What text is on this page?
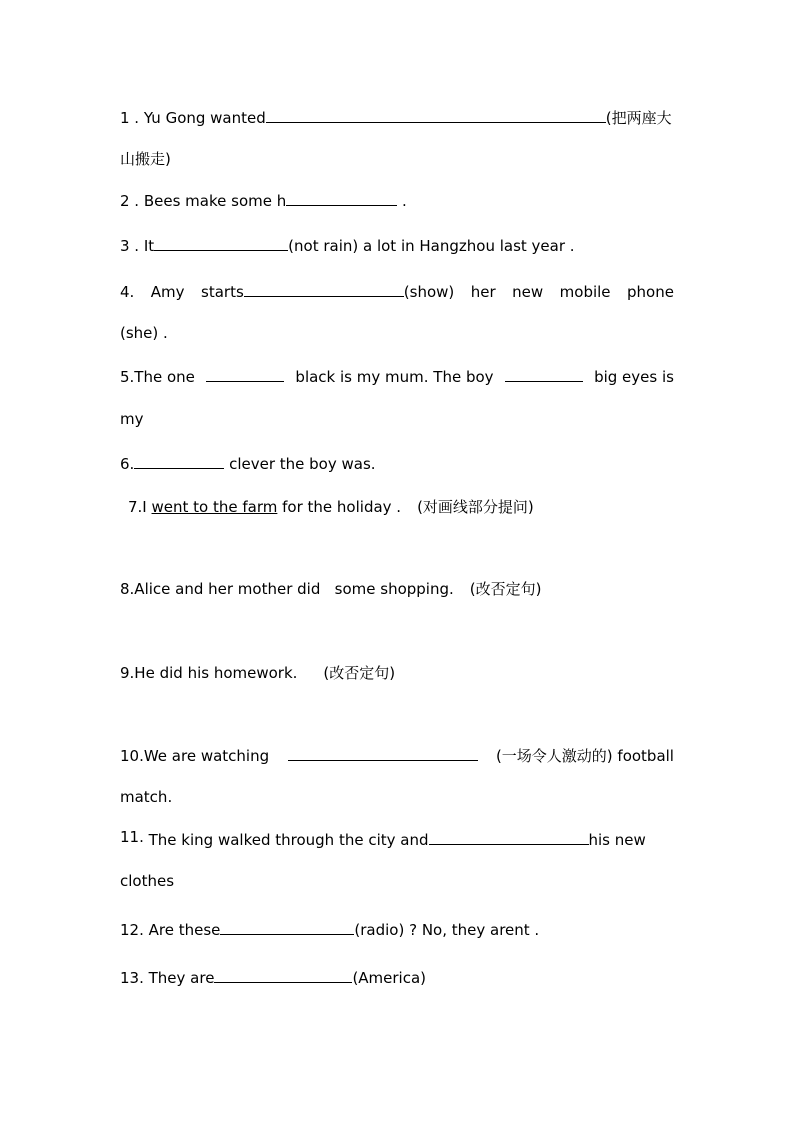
1 . Yu Gong wanted	(把两座大
山搬走)
2 . Bees make some h	.
3 . It	(not rain) a lot in Hangzhou last year .
4. Amy starts	(show) her new mobile phone
(she) .
5.The one	black is my mum. The boy	big eyes is
my
6.	clever the boy was.
7.I went to the farm for the holiday . (对画线部分提问)
8.Alice and her mother did   some shopping. (改否定句)
9.He did his homework. (改否定句)
10.We are watching	(一场令人激动的) football
match.
11. The king walked through the city and	his new
clothes
12. Are these	(radio) ? No, they arent .
13. They are	(America)
